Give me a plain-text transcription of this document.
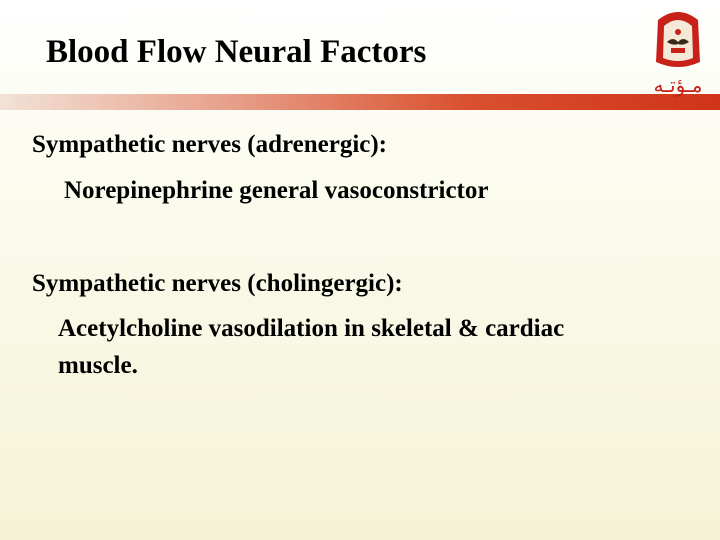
Blood Flow Neural Factors
مـؤتـه
Sympathetic nerves (adrenergic):
Norepinephrine general vasoconstrictor
Sympathetic nerves (cholingergic):
Acetylcholine vasodilation in skeletal & cardiac
muscle.
